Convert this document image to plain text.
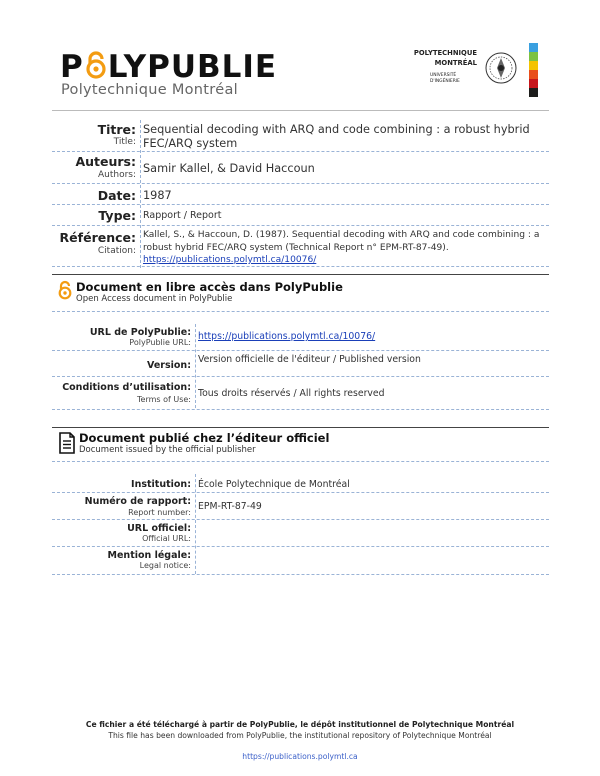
P LYPUBLIE
Polytechnique Montréal
POLYTECHNIQUE
MONTRÉAL
UNIVERSITÉ
D'INGÉNIERIE
Titre:
Title:
Sequential decoding with ARQ and code combining : a robust hybrid FEC/ARQ system
Auteurs:
Authors: Samir Kallel, & David Haccoun
Date: 1987
Type: Rapport / Report
Référence:
Citation:
Kallel, S., & Haccoun, D. (1987). Sequential decoding with ARQ and code combining : a robust hybrid FEC/ARQ system (Technical Report n° EPM-RT-87-49).
https://publications.polymtl.ca/10076/
Document en libre accès dans PolyPublie
Open Access document in PolyPublie
URL de PolyPublie:
PolyPublie URL:
https://publications.polymtl.ca/10076/
Version:
Version officielle de l'éditeur / Published version
Conditions d’utilisation:
Terms of Use:
Tous droits réservés / All rights reserved
Document publié chez l’éditeur officiel
Document issued by the official publisher
Institution: École Polytechnique de Montréal
Numéro de rapport:
Report number:
EPM-RT-87-49
URL officiel:
Official URL:
Mention légale:
Legal notice:
Ce fichier a été téléchargé à partir de PolyPublie, le dépôt institutionnel de Polytechnique Montréal
This file has been downloaded from PolyPublie, the institutional repository of Polytechnique Montréal
https://publications.polymtl.ca
